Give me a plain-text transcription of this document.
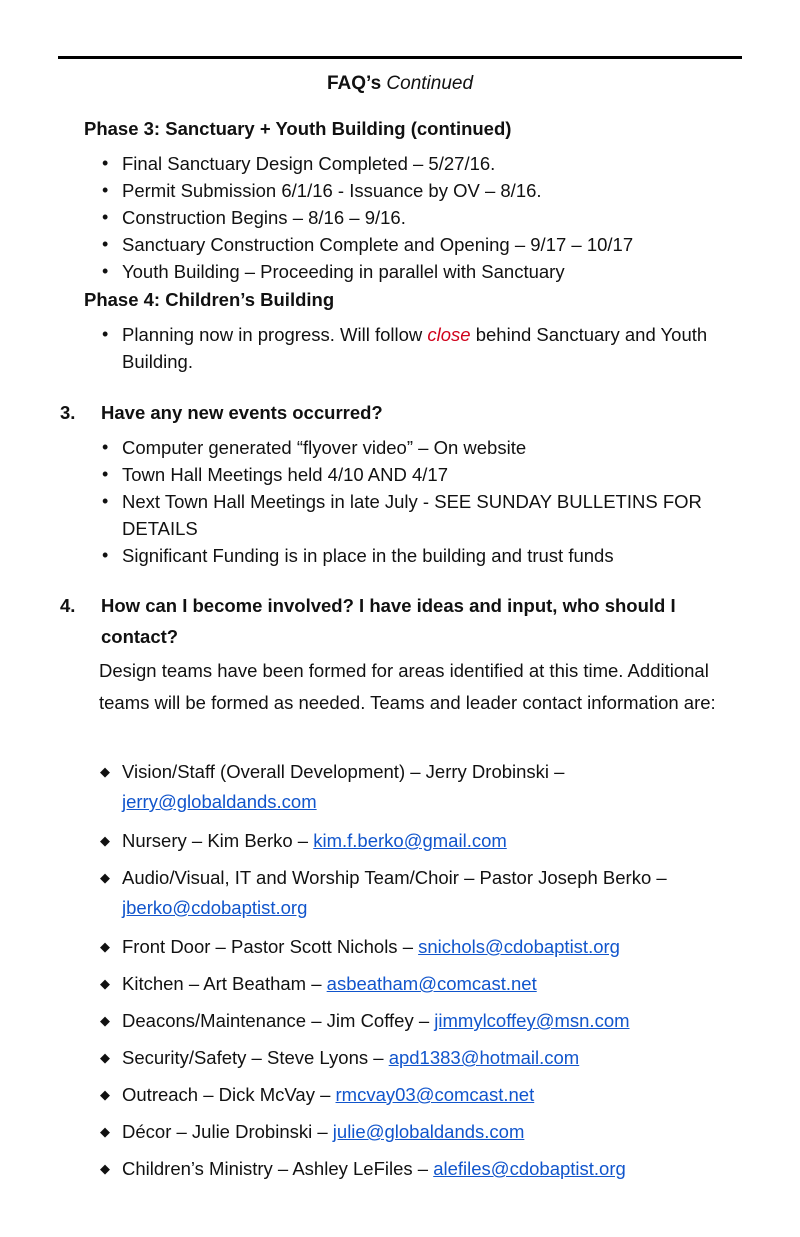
FAQ’s Continued
Phase 3: Sanctuary + Youth Building (continued)
• Final Sanctuary Design Completed – 5/27/16.
• Permit Submission 6/1/16 - Issuance by OV – 8/16.
• Construction Begins – 8/16 – 9/16.
• Sanctuary Construction Complete and Opening – 9/17 – 10/17
• Youth Building – Proceeding in parallel with Sanctuary
Phase 4: Children’s Building
• Planning now in progress. Will follow close behind Sanctuary and Youth Building.
3. Have any new events occurred?
• Computer generated “flyover video” – On website
• Town Hall Meetings held 4/10 AND 4/17
• Next Town Hall Meetings in late July - SEE SUNDAY BULLETINS FOR DETAILS
• Significant Funding is in place in the building and trust funds
4. How can I become involved? I have ideas and input, who should I contact?
Design teams have been formed for areas identified at this time. Additional teams will be formed as needed. Teams and leader contact information are:
◆ Vision/Staff (Overall Development) – Jerry Drobinski –
jerry@globaldands.com
◆ Nursery – Kim Berko – kim.f.berko@gmail.com
◆ Audio/Visual, IT and Worship Team/Choir – Pastor Joseph Berko –
jberko@cdobaptist.org
◆ Front Door – Pastor Scott Nichols – snichols@cdobaptist.org
◆ Kitchen – Art Beatham – asbeatham@comcast.net
◆ Deacons/Maintenance – Jim Coffey – jimmylcoffey@msn.com
◆ Security/Safety – Steve Lyons – apd1383@hotmail.com
◆ Outreach – Dick McVay – rmcvay03@comcast.net
◆ Décor – Julie Drobinski – julie@globaldands.com
◆ Children’s Ministry – Ashley LeFiles – alefiles@cdobaptist.org
